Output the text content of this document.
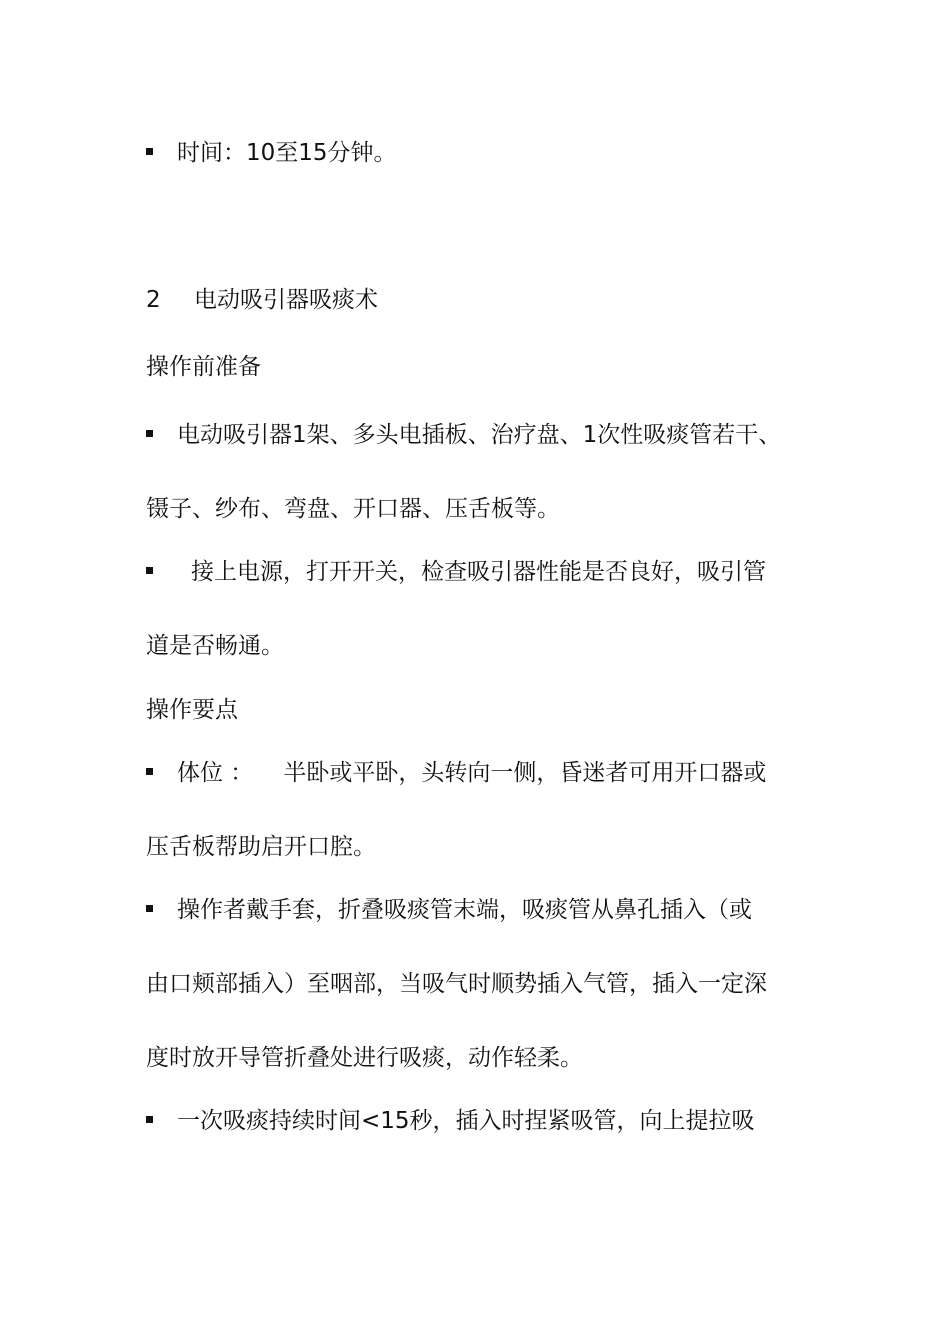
时间：10至15分钟。
2 电动吸引器吸痰术
操作前准备
电动吸引器1架、多头电插板、治疗盘、1次性吸痰管若干、
镊子、纱布、弯盘、开口器、压舌板等。
接上电源，打开开关，检查吸引器性能是否良好，吸引管
道是否畅通。
操作要点
体位 ： 半卧或平卧，头转向一侧，昏迷者可用开口器或
压舌板帮助启开口腔。
操作者戴手套，折叠吸痰管末端，吸痰管从鼻孔插入（或
由口颊部插入）至咽部，当吸气时顺势插入气管，插入一定深
度时放开导管折叠处进行吸痰，动作轻柔。
一次吸痰持续时间<15秒，插入时捏紧吸管，向上提拉吸
